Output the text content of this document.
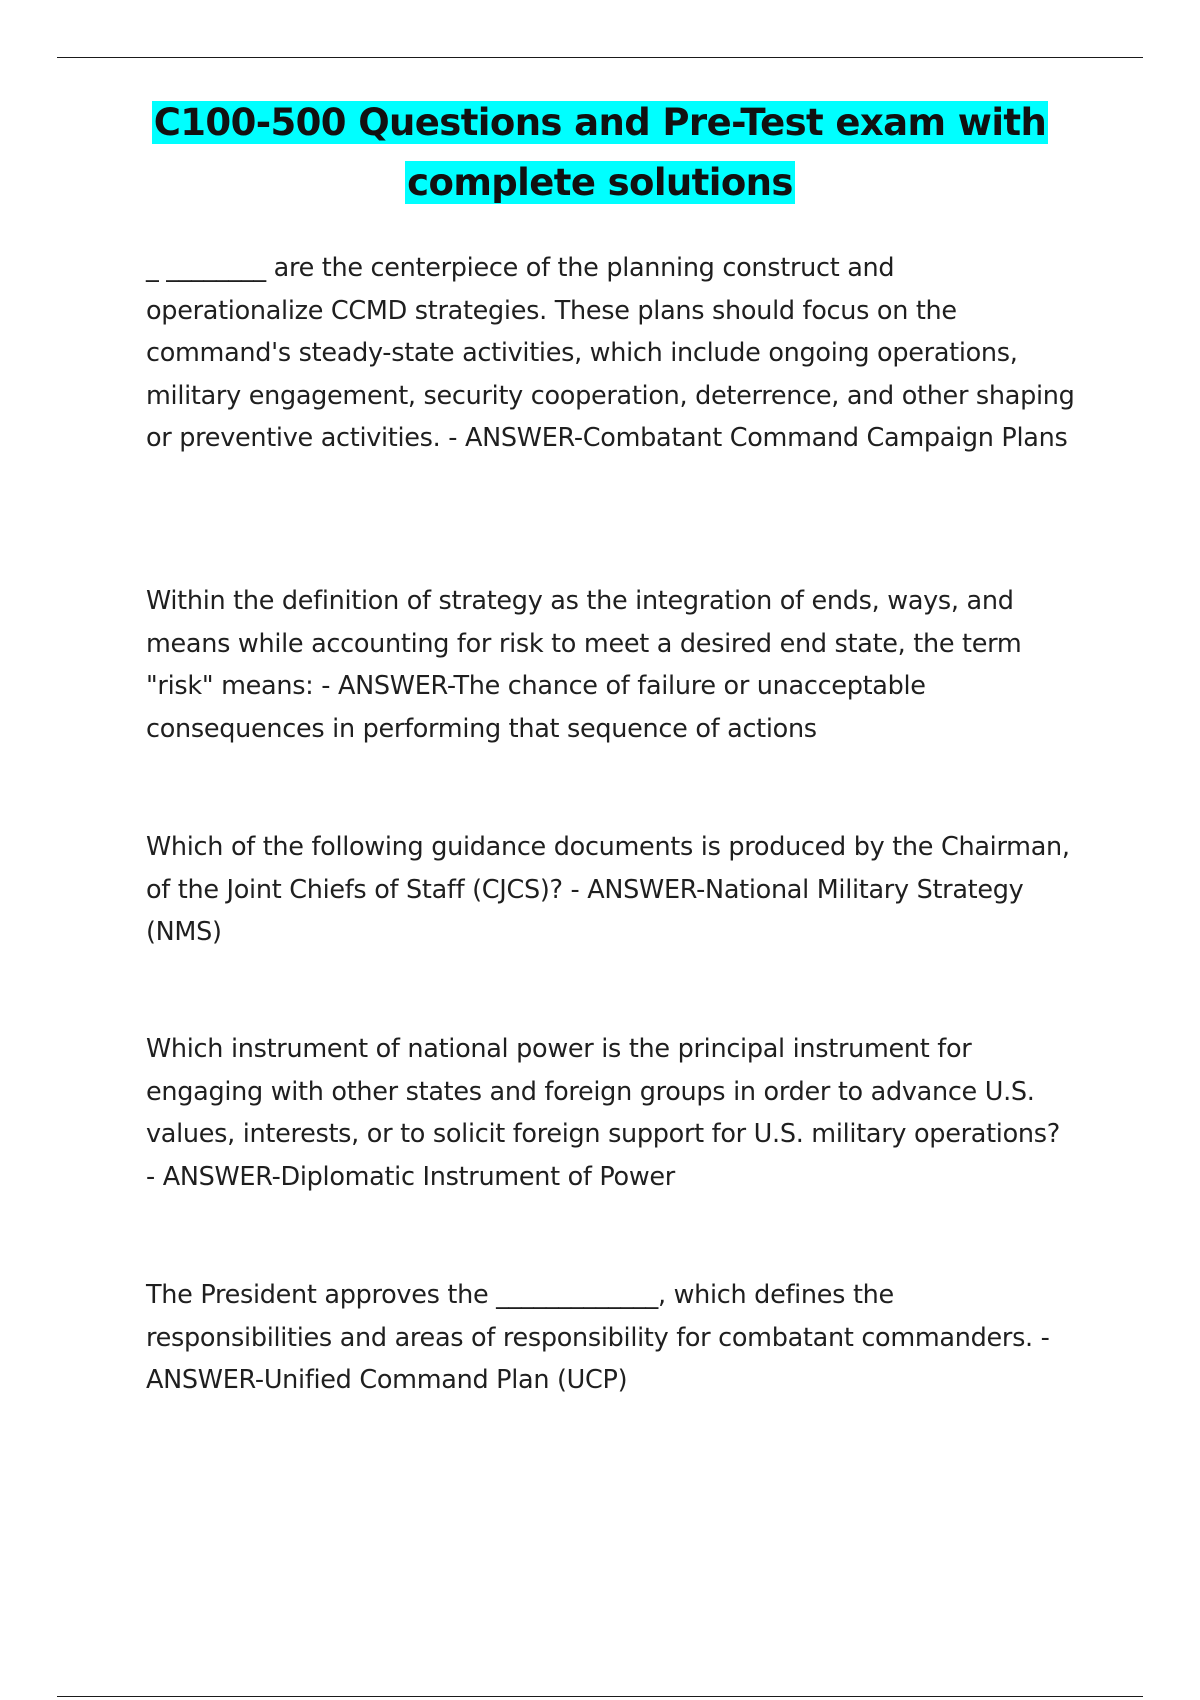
C100-500 Questions and Pre-Test exam with
complete solutions

_ ________ are the centerpiece of the planning construct and operationalize CCMD strategies. These plans should focus on the command's steady-state activities, which include ongoing operations, military engagement, security cooperation, deterrence, and other shaping or preventive activities. - ANSWER-Combatant Command Campaign Plans

Within the definition of strategy as the integration of ends, ways, and means while accounting for risk to meet a desired end state, the term "risk" means: - ANSWER-The chance of failure or unacceptable consequences in performing that sequence of actions

Which of the following guidance documents is produced by the Chairman, of the Joint Chiefs of Staff (CJCS)? - ANSWER-National Military Strategy (NMS)

Which instrument of national power is the principal instrument for engaging with other states and foreign groups in order to advance U.S. values, interests, or to solicit foreign support for U.S. military operations? - ANSWER-Diplomatic Instrument of Power

The President approves the _____________, which defines the responsibilities and areas of responsibility for combatant commanders. - ANSWER-Unified Command Plan (UCP)
